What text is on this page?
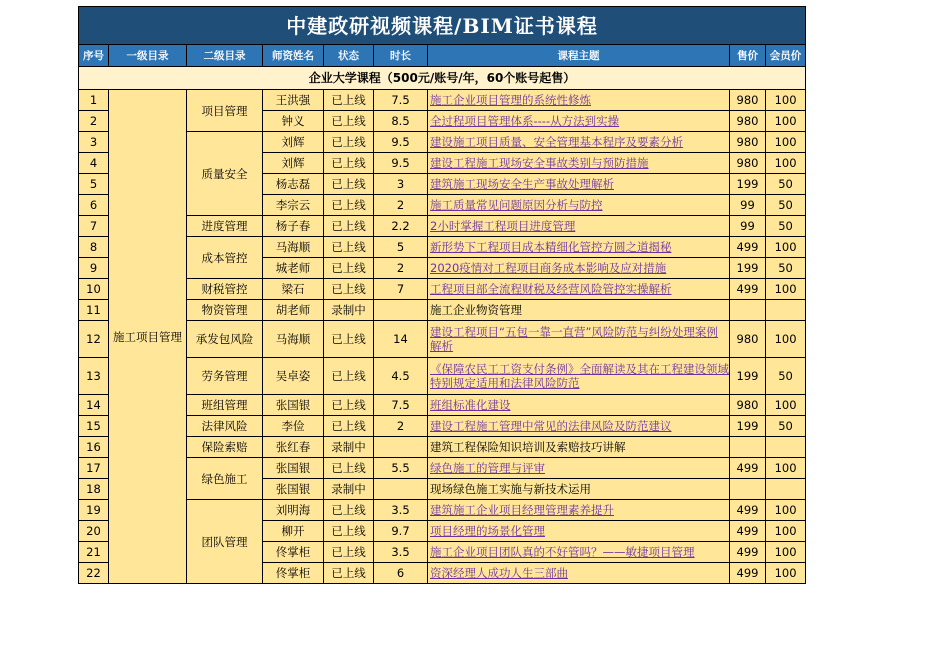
中建政研视频课程/BIM证书课程								
序号	一级目录	二级目录	师资姓名	状态	时长	课程主题	售价	会员价
企业大学课程（500元/账号/年，60个账号起售）								
1	施工项目管理	项目管理	王洪强	已上线	7.5	施工企业项目管理的系统性修炼	980	100
2			钟义	已上线	8.5	全过程项目管理体系----从方法到实操	980	100
3		质量安全	刘辉	已上线	9.5	建设施工项目质量、安全管理基本程序及要素分析	980	100
4			刘辉	已上线	9.5	建设工程施工现场安全事故类别与预防措施	980	100
5			杨志磊	已上线	3	建筑施工现场安全生产事故处理解析	199	50
6			李宗云	已上线	2	施工质量常见问题原因分析与防控	99	50
7		进度管理	杨子春	已上线	2.2	2小时掌握工程项目进度管理	99	50
8		成本管控	马海顺	已上线	5	新形势下工程项目成本精细化管控方圆之道揭秘	499	100
9			城老师	已上线	2	2020疫情对工程项目商务成本影响及应对措施	199	50
10		财税管控	梁石	已上线	7	工程项目部全流程财税及经营风险管控实操解析	499	100
11		物资管理	胡老师	录制中		施工企业物资管理		
12		承发包风险	马海顺	已上线	14	建设工程项目“五包一靠一直营”风险防范与纠纷处理案例解析	980	100
13		劳务管理	吴卓姿	已上线	4.5	《保障农民工工资支付条例》全面解读及其在工程建设领域特别规定适用和法律风险防范	199	50
14		班组管理	张国银	已上线	7.5	班组标准化建设	980	100
15		法律风险	李俭	已上线	2	建设工程施工管理中常见的法律风险及防范建议	199	50
16		保险索赔	张红春	录制中		建筑工程保险知识培训及索赔技巧讲解		
17		绿色施工	张国银	已上线	5.5	绿色施工的管理与评审	499	100
18			张国银	录制中		现场绿色施工实施与新技术运用		
19		团队管理	刘明海	已上线	3.5	建筑施工企业项目经理管理素养提升	499	100
20			柳开	已上线	9.7	项目经理的场景化管理	499	100
21			佟掌柜	已上线	3.5	施工企业项目团队真的不好管吗？——敏捷项目管理	499	100
22			佟掌柜	已上线	6	资深经理人成功人生三部曲	499	100
